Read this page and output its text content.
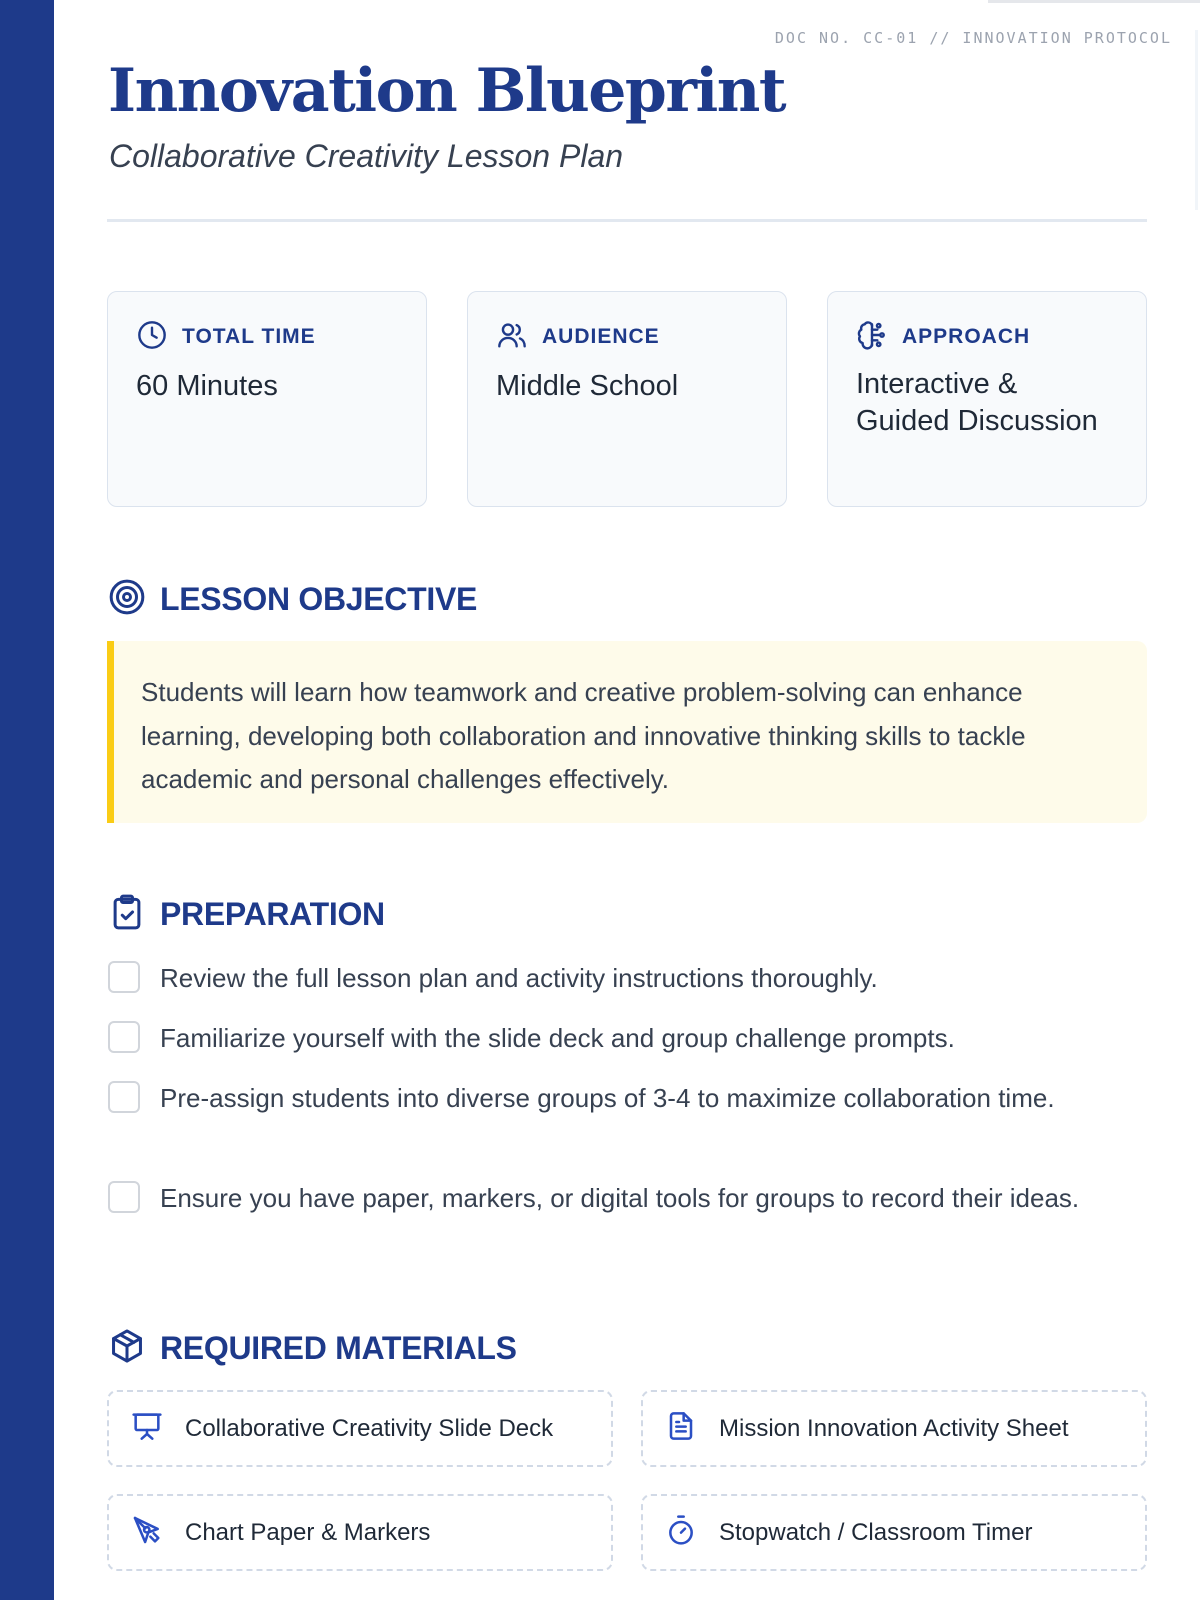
DOC NO. CC-01 // INNOVATION PROTOCOL
Innovation Blueprint
Collaborative Creativity Lesson Plan
TOTAL TIME
60 Minutes
AUDIENCE
Middle School
APPROACH
Interactive & Guided Discussion
LESSON OBJECTIVE
Students will learn how teamwork and creative problem-solving can enhance learning, developing both collaboration and innovative thinking skills to tackle academic and personal challenges effectively.
PREPARATION
Review the full lesson plan and activity instructions thoroughly.
Familiarize yourself with the slide deck and group challenge prompts.
Pre-assign students into diverse groups of 3-4 to maximize collaboration time.
Ensure you have paper, markers, or digital tools for groups to record their ideas.
REQUIRED MATERIALS
Collaborative Creativity Slide Deck	Mission Innovation Activity Sheet
Chart Paper & Markers	Stopwatch / Classroom Timer
